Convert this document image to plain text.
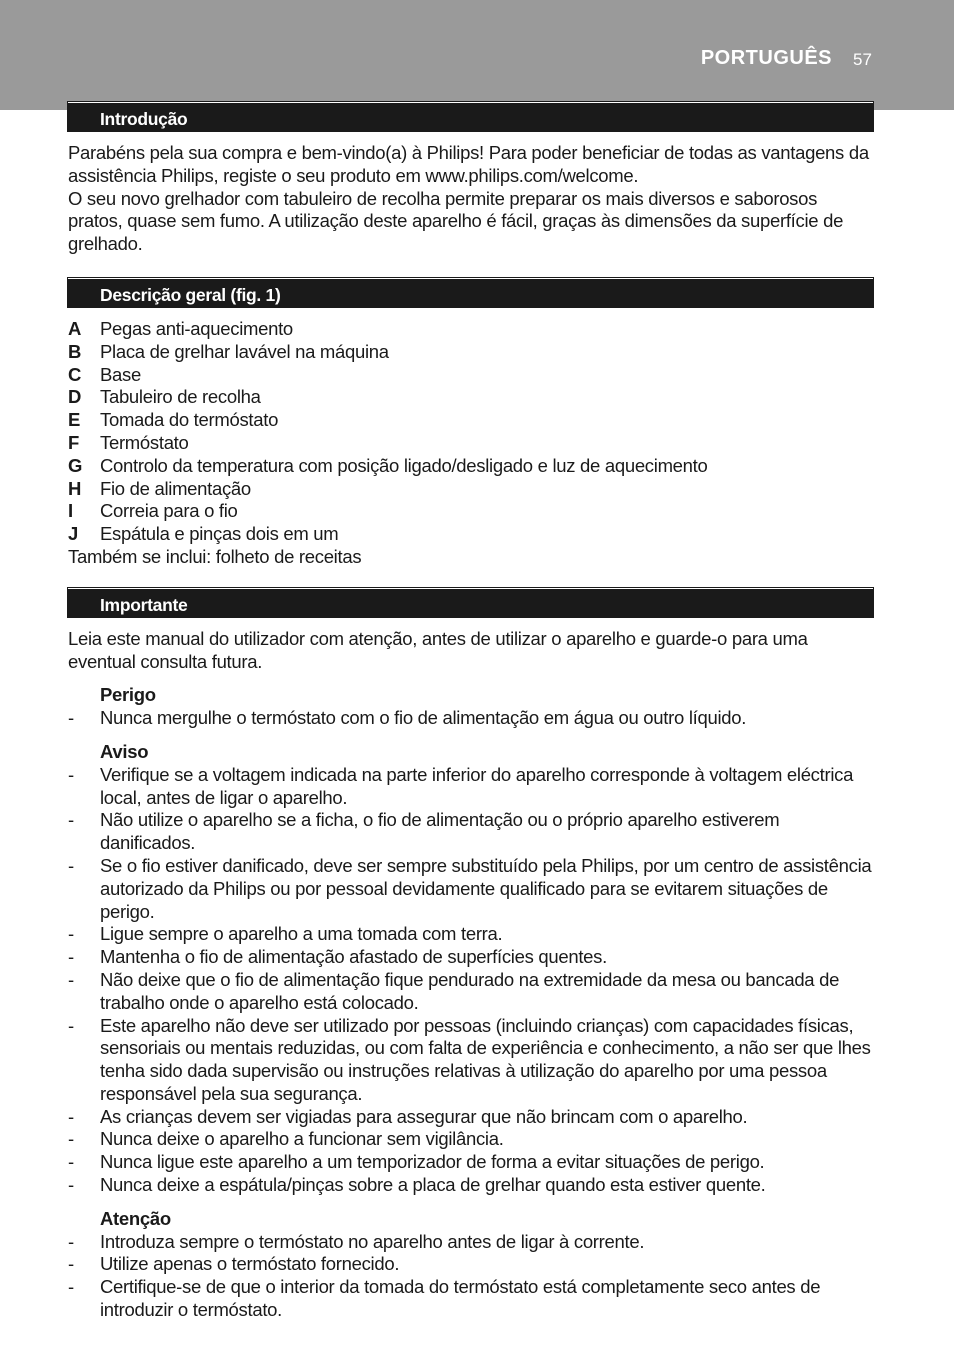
PORTUGUÊS 57
Introdução

Parabéns pela sua compra e bem-vindo(a) à Philips! Para poder beneficiar de todas as vantagens da assistência Philips, registe o seu produto em www.philips.com/welcome.

O seu novo grelhador com tabuleiro de recolha permite preparar os mais diversos e saborosos pratos, quase sem fumo. A utilização deste aparelho é fácil, graças às dimensões da superfície de grelhado.

Descrição geral (fig. 1)
A	Pegas anti-aquecimento
B	Placa de grelhar lavável na máquina
C	Base
D	Tabuleiro de recolha
E	Tomada do termóstato
F	Termóstato
G Controlo da temperatura com posição ligado/desligado e luz de aquecimento
H	Fio de alimentação
I	Correia para o fio
J	Espátula e pinças dois em um
Também se inclui: folheto de receitas
Importante
Leia este manual do utilizador com atenção, antes de utilizar o aparelho e guarde-o para uma eventual consulta futura.
Perigo
-	Nunca mergulhe o termóstato com o fio de alimentação em água ou outro líquido.
Aviso
-	Verifique se a voltagem indicada na parte inferior do aparelho corresponde à voltagem eléctrica local, antes de ligar o aparelho.
-	Não utilize o aparelho se a ficha, o fio de alimentação ou o próprio aparelho estiverem danificados.
-	Se o fio estiver danificado, deve ser sempre substituído pela Philips, por um centro de assistência autorizado da Philips ou por pessoal devidamente qualificado para se evitarem situações de perigo.
-	Ligue sempre o aparelho a uma tomada com terra.
-	Mantenha o fio de alimentação afastado de superfícies quentes.
-	Não deixe que o fio de alimentação fique pendurado na extremidade da mesa ou bancada de trabalho onde o aparelho está colocado.
-	Este aparelho não deve ser utilizado por pessoas (incluindo crianças) com capacidades físicas, sensoriais ou mentais reduzidas, ou com falta de experiência e conhecimento, a não ser que lhes tenha sido dada supervisão ou instruções relativas à utilização do aparelho por uma pessoa responsável pela sua segurança.
-	As crianças devem ser vigiadas para assegurar que não brincam com o aparelho.
-	Nunca deixe o aparelho a funcionar sem vigilância.
-	Nunca ligue este aparelho a um temporizador de forma a evitar situações de perigo.
-	Nunca deixe a espátula/pinças sobre a placa de grelhar quando esta estiver quente.
Atenção
-	Introduza sempre o termóstato no aparelho antes de ligar à corrente.
-	Utilize apenas o termóstato fornecido.
-	Certifique-se de que o interior da tomada do termóstato está completamente seco antes de introduzir o termóstato.
